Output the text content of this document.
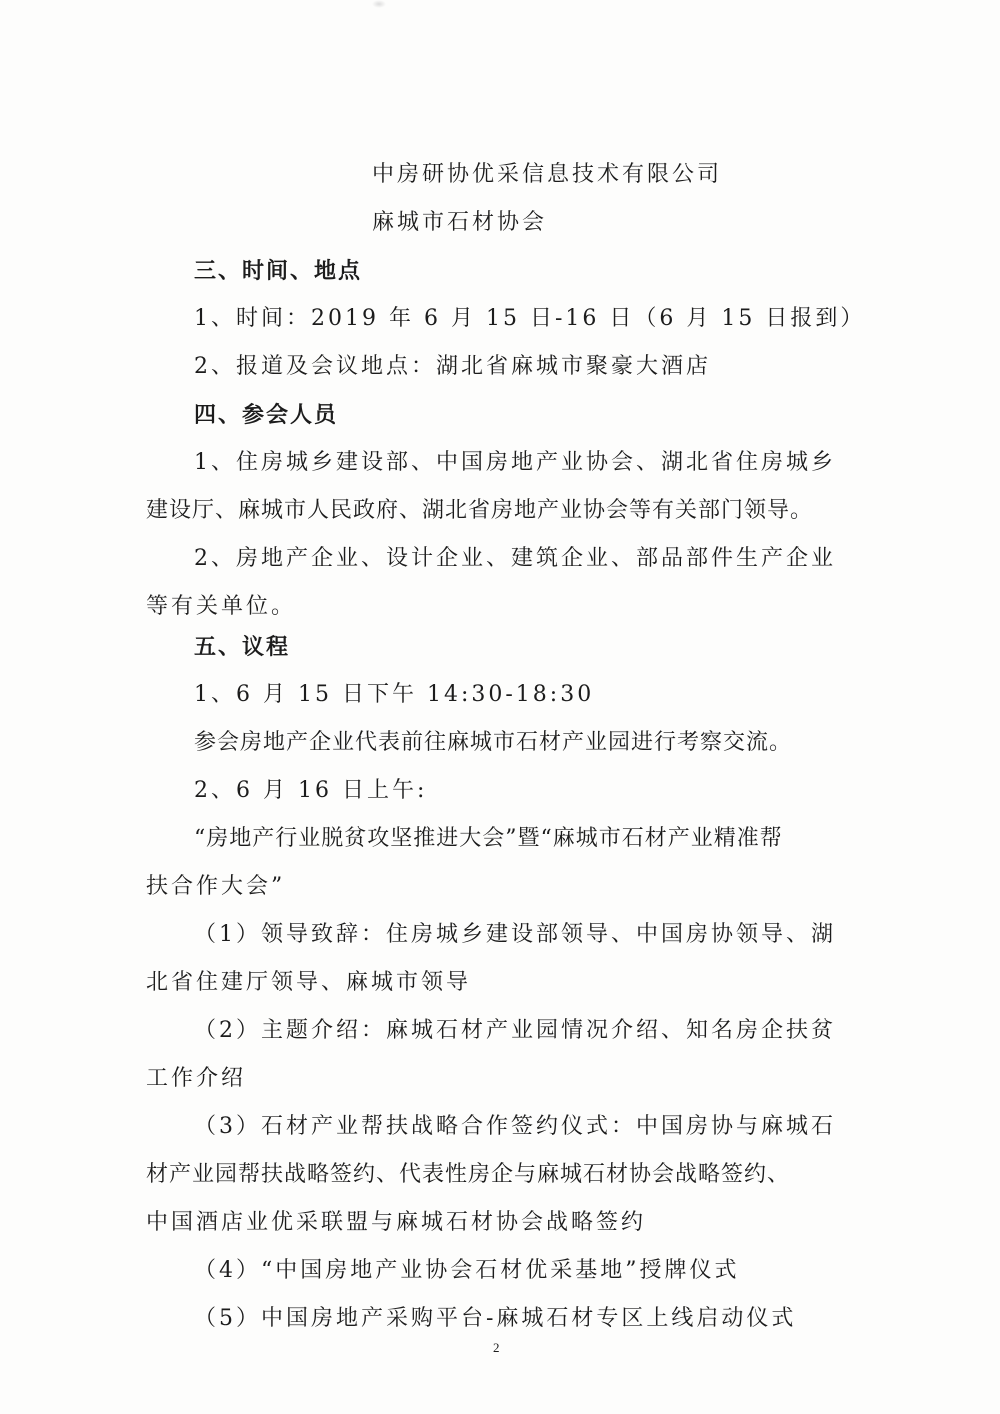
中房研协优采信息技术有限公司
麻城市石材协会
三、时间、地点
1、时间：2019 年 6 月 15 日-16 日（6 月 15 日报到）
2、报道及会议地点：湖北省麻城市聚豪大酒店
四、参会人员
1、住房城乡建设部、中国房地产业协会、湖北省住房城乡
建设厅、麻城市人民政府、湖北省房地产业协会等有关部门领导。
2、房地产企业、设计企业、建筑企业、部品部件生产企业
等有关单位。
五、议程
1、6 月 15 日下午 14:30-18:30
参会房地产企业代表前往麻城市石材产业园进行考察交流。
2、6 月 16 日上午:
“房地产行业脱贫攻坚推进大会”暨“麻城市石材产业精准帮
扶合作大会”
（1）领导致辞：住房城乡建设部领导、中国房协领导、湖
北省住建厅领导、麻城市领导
（2）主题介绍：麻城石材产业园情况介绍、知名房企扶贫
工作介绍
（3）石材产业帮扶战略合作签约仪式：中国房协与麻城石
材产业园帮扶战略签约、代表性房企与麻城石材协会战略签约、
中国酒店业优采联盟与麻城石材协会战略签约
（4）“中国房地产业协会石材优采基地”授牌仪式
（5）中国房地产采购平台-麻城石材专区上线启动仪式
2
